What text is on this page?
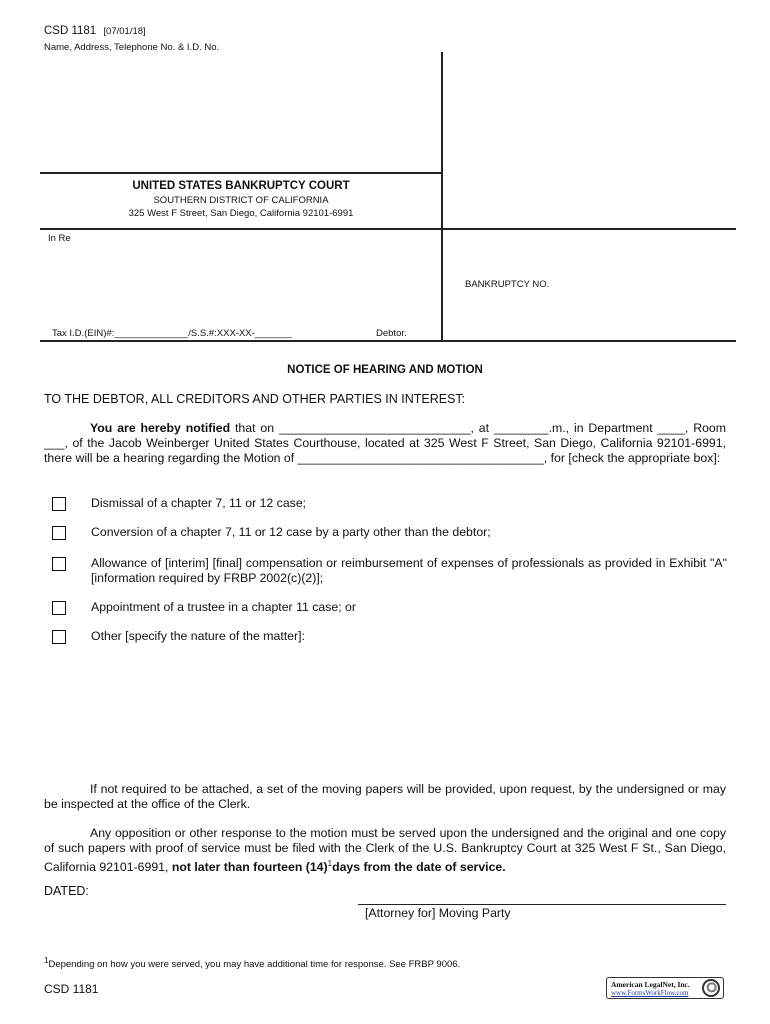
CSD 1181 [07/01/18]
Name, Address, Telephone No. & I.D. No.
UNITED STATES BANKRUPTCY COURT
SOUTHERN DISTRICT OF CALIFORNIA
325 West F Street, San Diego, California 92101-6991
In Re
BANKRUPTCY NO.
Tax I.D.(EIN)#:______________/S.S.#:XXX-XX-_______	Debtor.
NOTICE OF HEARING AND MOTION
TO THE DEBTOR, ALL CREDITORS AND OTHER PARTIES IN INTEREST:
You are hereby notified that on ____________________________, at ________.m., in Department ____, Room ___, of the Jacob Weinberger United States Courthouse, located at 325 West F Street, San Diego, California 92101-6991, there will be a hearing regarding the Motion of ____________________________________, for [check the appropriate box]:
Dismissal of a chapter 7, 11 or 12 case;
Conversion of a chapter 7, 11 or 12 case by a party other than the debtor;
Allowance of [interim] [final] compensation or reimbursement of expenses of professionals as provided in Exhibit "A" [information required by FRBP 2002(c)(2)];
Appointment of a trustee in a chapter 11 case; or
Other [specify the nature of the matter]:
If not required to be attached, a set of the moving papers will be provided, upon request, by the undersigned or may be inspected at the office of the Clerk.
Any opposition or other response to the motion must be served upon the undersigned and the original and one copy of such papers with proof of service must be filed with the Clerk of the U.S. Bankruptcy Court at 325 West F St., San Diego, California 92101-6991, not later than fourteen $(14)^1days$ from the date of service.
DATED:
[Attorney for] Moving Party
$^1$Depending on how you were served, you may have additional time for response. See FRBP 9006.
CSD 1181	American LegalNet, Inc.
www.FormsWorkFlow.com
